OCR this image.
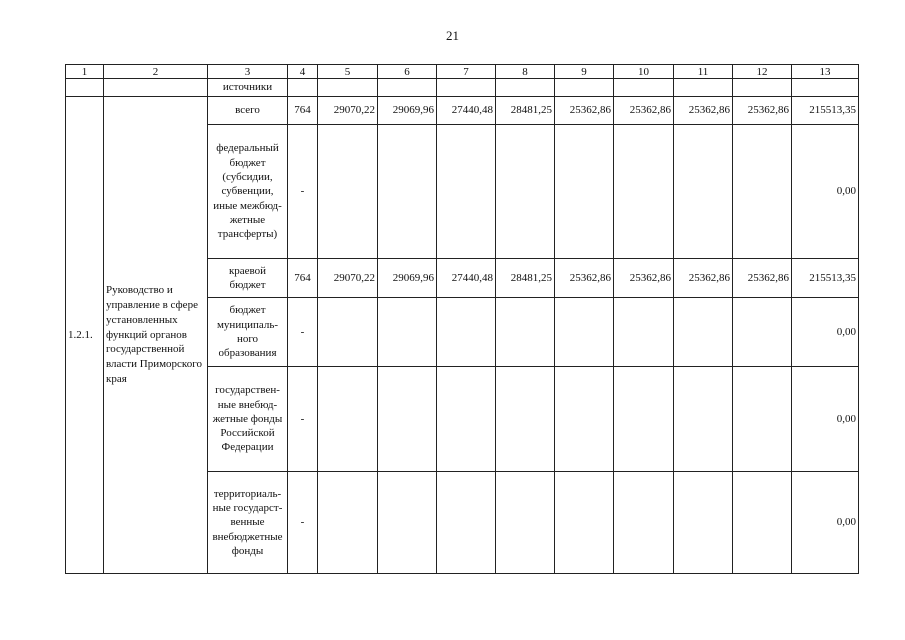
21
1	2	3	4	5	6	7	8	9	10	11	12	13
		источники										
1.2.1.	Руководство и управление в сфере установленных функций органов государственной власти Приморского края	всего	764	29070,22	29069,96	27440,48	28481,25	25362,86	25362,86	25362,86	25362,86	215513,35
		федеральный бюджет (субсидии, субвенции, иные межбюд-жетные трансферты)	-									0,00
		краевой бюджет	764	29070,22	29069,96	27440,48	28481,25	25362,86	25362,86	25362,86	25362,86	215513,35
		бюджет муниципаль-ного образования	-									0,00
		государствен-ные внебюд-жетные фонды Российской Федерации	-									0,00
		территориаль-ные государст-венные внебюджетные фонды	-									0,00
